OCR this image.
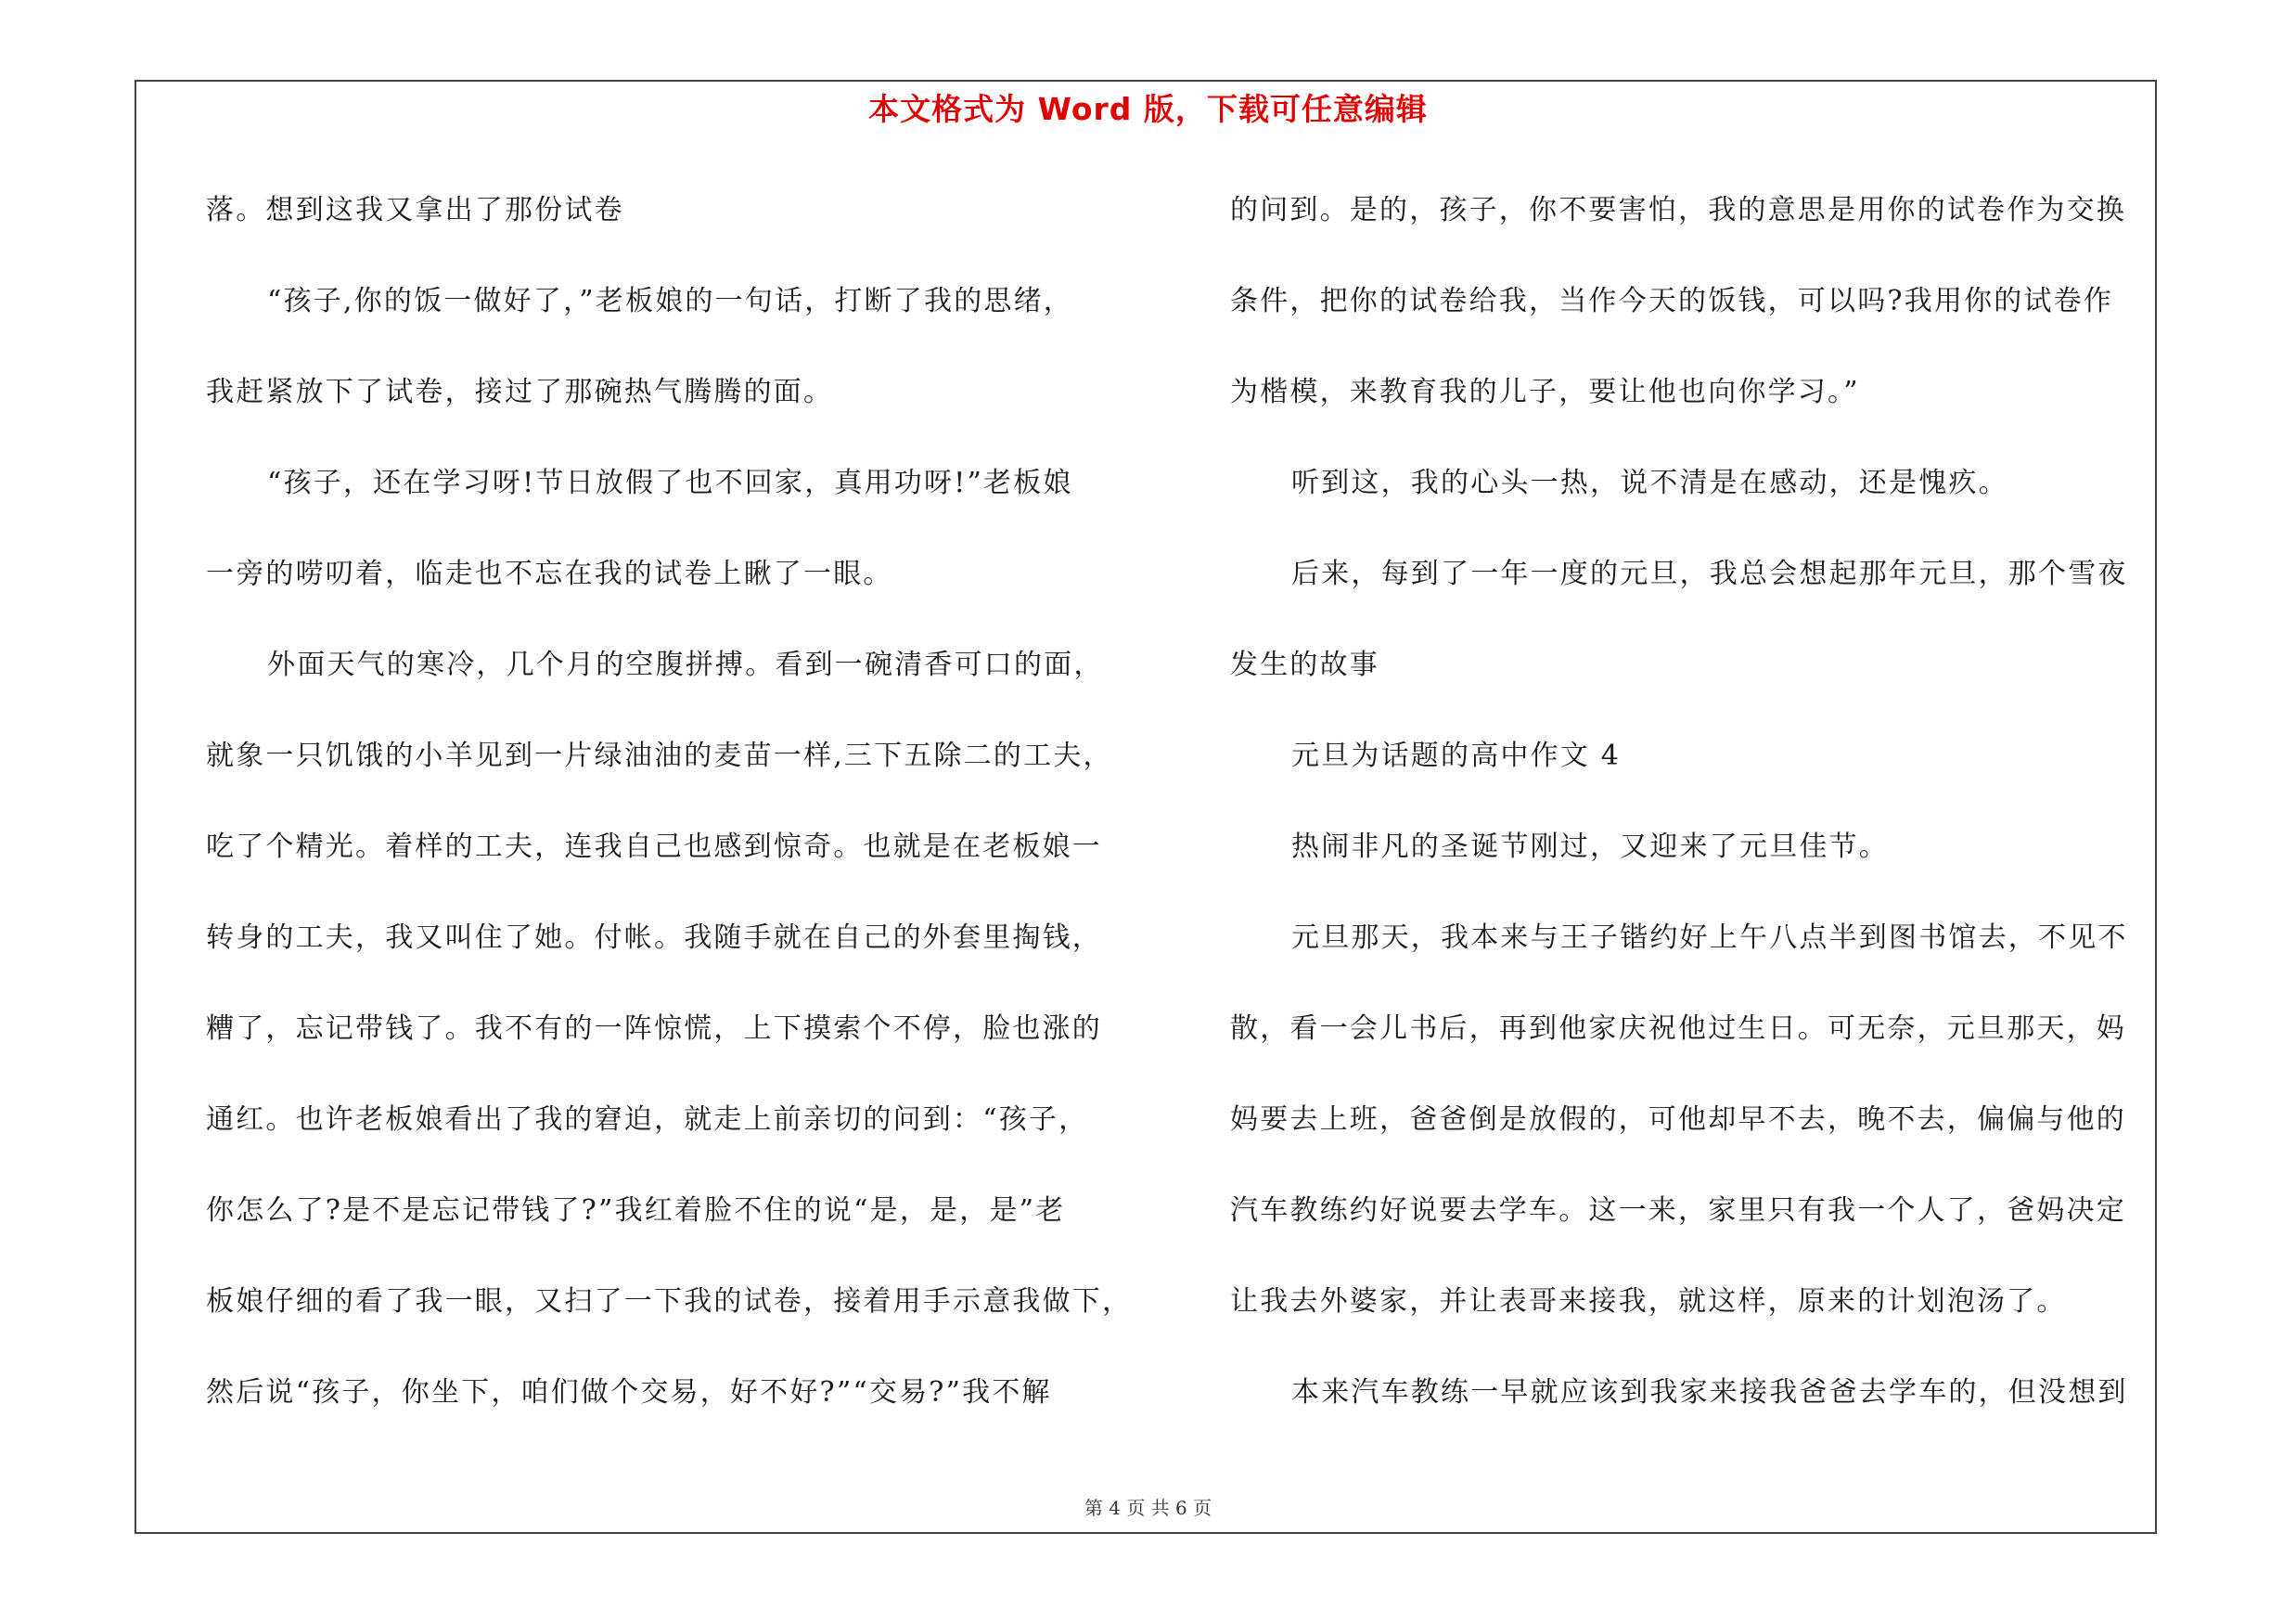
本文格式为 Word 版，下载可任意编辑
落。想到这我又拿出了那份试卷
“孩子,你的饭一做好了，”老板娘的一句话，打断了我的思绪，
我赶紧放下了试卷，接过了那碗热气腾腾的面。
“孩子，还在学习呀!节日放假了也不回家，真用功呀!”老板娘
一旁的唠叨着，临走也不忘在我的试卷上瞅了一眼。
外面天气的寒冷，几个月的空腹拼搏。看到一碗清香可口的面，
就象一只饥饿的小羊见到一片绿油油的麦苗一样,三下五除二的工夫，
吃了个精光。着样的工夫，连我自己也感到惊奇。也就是在老板娘一
转身的工夫，我又叫住了她。付帐。我随手就在自己的外套里掏钱，
糟了，忘记带钱了。我不有的一阵惊慌，上下摸索个不停，脸也涨的
通红。也许老板娘看出了我的窘迫，就走上前亲切的问到：“孩子，
你怎么了?是不是忘记带钱了?”我红着脸不住的说“是，是，是”老
板娘仔细的看了我一眼，又扫了一下我的试卷，接着用手示意我做下，
然后说“孩子，你坐下，咱们做个交易，好不好?”“交易?”我不解
的问到。是的，孩子，你不要害怕，我的意思是用你的试卷作为交换
条件，把你的试卷给我，当作今天的饭钱，可以吗?我用你的试卷作
为楷模，来教育我的儿子，要让他也向你学习。”
听到这，我的心头一热，说不清是在感动，还是愧疚。
后来，每到了一年一度的元旦，我总会想起那年元旦，那个雪夜
发生的故事
元旦为话题的高中作文 4
热闹非凡的圣诞节刚过，又迎来了元旦佳节。
元旦那天，我本来与王子锴约好上午八点半到图书馆去，不见不
散，看一会儿书后，再到他家庆祝他过生日。可无奈，元旦那天，妈
妈要去上班，爸爸倒是放假的，可他却早不去，晚不去，偏偏与他的
汽车教练约好说要去学车。这一来，家里只有我一个人了，爸妈决定
让我去外婆家，并让表哥来接我，就这样，原来的计划泡汤了。
本来汽车教练一早就应该到我家来接我爸爸去学车的，但没想到
第 4 页 共 6 页
